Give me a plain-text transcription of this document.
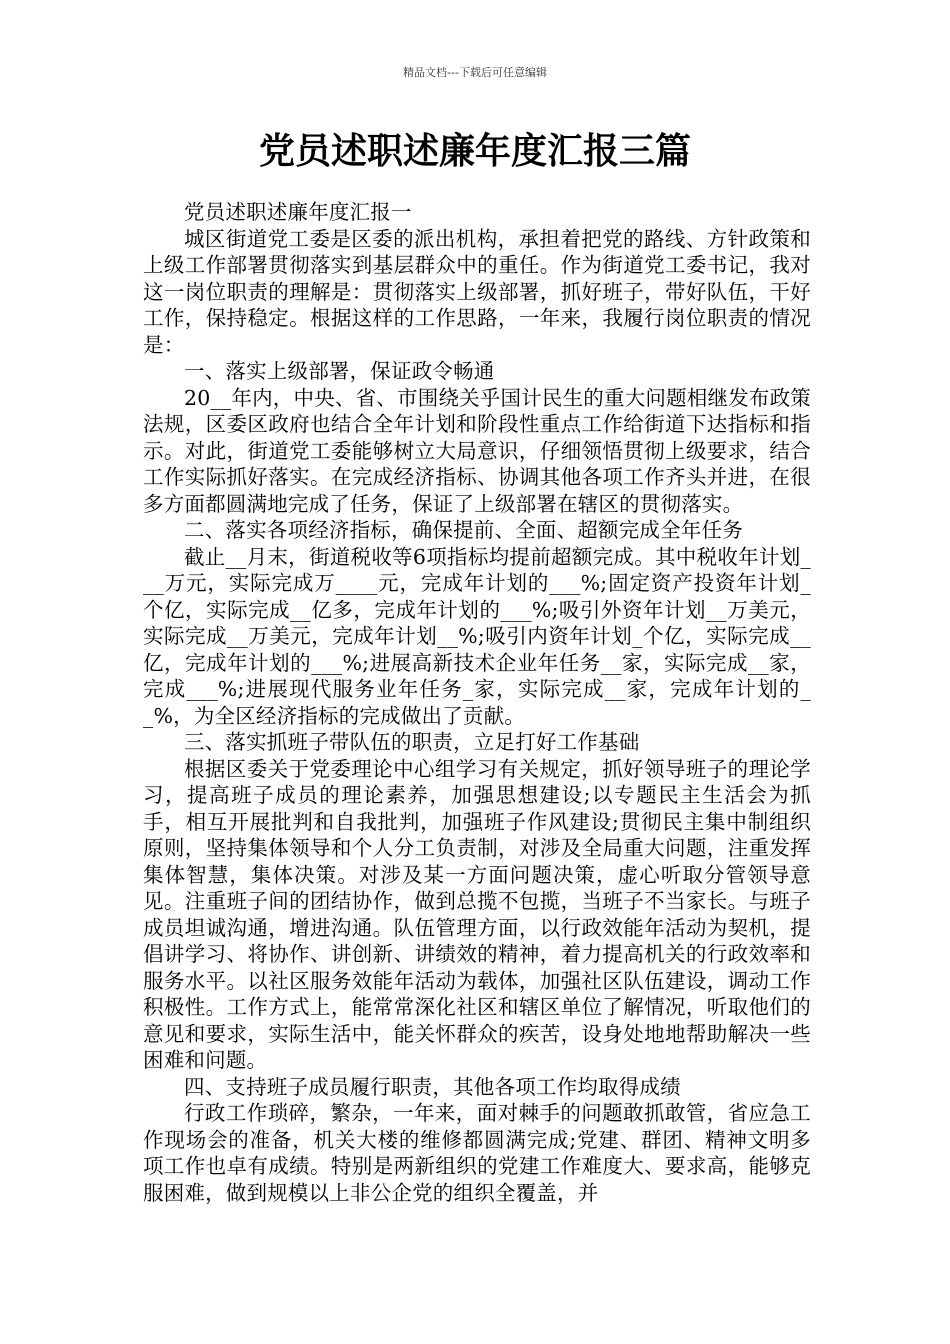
精品文档---下载后可任意编辑
党员述职述廉年度汇报三篇

党员述职述廉年度汇报一

城区街道党工委是区委的派出机构，承担着把党的路线、方针政策和上级工作部署贯彻落实到基层群众中的重任。作为街道党工委书记，我对这一岗位职责的理解是：贯彻落实上级部署，抓好班子，带好队伍，干好工作，保持稳定。根据这样的工作思路，一年来，我履行岗位职责的情况是：

一、落实上级部署，保证政令畅通

20__年内，中央、省、市围绕关乎国计民生的重大问题相继发布政策法规，区委区政府也结合全年计划和阶段性重点工作给街道下达指标和指示。对此，街道党工委能够树立大局意识，仔细领悟贯彻上级要求，结合工作实际抓好落实。在完成经济指标、协调其他各项工作齐头并进，在很多方面都圆满地完成了任务，保证了上级部署在辖区的贯彻落实。

二、落实各项经济指标，确保提前、全面、超额完成全年任务

截止__月末，街道税收等6项指标均提前超额完成。其中税收年计划___万元，实际完成万____元，完成年计划的___%;固定资产投资年计划_个亿，实际完成__亿多，完成年计划的___%;吸引外资年计划__万美元，实际完成__万美元，完成年计划__%;吸引内资年计划_个亿，实际完成__亿，完成年计划的___%;进展高新技术企业年任务__家，实际完成__家，完成___%;进展现代服务业年任务_家，实际完成__家，完成年计划的__%，为全区经济指标的完成做出了贡献。

三、落实抓班子带队伍的职责，立足打好工作基础

根据区委关于党委理论中心组学习有关规定，抓好领导班子的理论学习，提高班子成员的理论素养，加强思想建设;以专题民主生活会为抓手，相互开展批判和自我批判，加强班子作风建设;贯彻民主集中制组织原则，坚持集体领导和个人分工负责制，对涉及全局重大问题，注重发挥集体智慧，集体决策。对涉及某一方面问题决策，虚心听取分管领导意见。注重班子间的团结协作，做到总揽不包揽，当班子不当家长。与班子成员坦诚沟通，增进沟通。队伍管理方面，以行政效能年活动为契机，提倡讲学习、将协作、讲创新、讲绩效的精神，着力提高机关的行政效率和服务水平。以社区服务效能年活动为载体，加强社区队伍建设，调动工作积极性。工作方式上，能常常深化社区和辖区单位了解情况，听取他们的意见和要求，实际生活中，能关怀群众的疾苦，设身处地地帮助解决一些困难和问题。

四、支持班子成员履行职责，其他各项工作均取得成绩

行政工作琐碎，繁杂，一年来，面对棘手的问题敢抓敢管，省应急工作现场会的准备，机关大楼的维修都圆满完成;党建、群团、精神文明多项工作也卓有成绩。特别是两新组织的党建工作难度大、要求高，能够克服困难，做到规模以上非公企党的组织全覆盖，并
